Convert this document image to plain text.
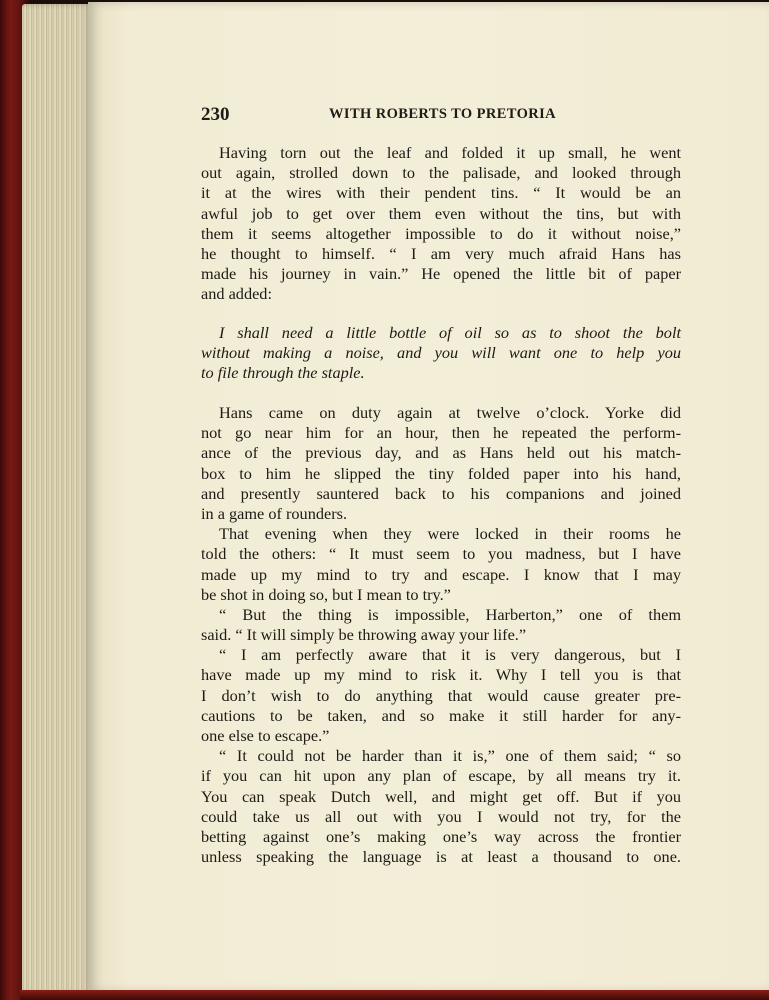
230	WITH ROBERTS TO PRETORIA
Having torn out the leaf and folded it up small, he went
out again, strolled down to the palisade, and looked through
it at the wires with their pendent tins. “ It would be an
awful job to get over them even without the tins, but with
them it seems altogether impossible to do it without noise,”
he thought to himself. “ I am very much afraid Hans has
made his journey in vain.” He opened the little bit of paper
and added:
I shall need a little bottle of oil so as to shoot the bolt
without making a noise, and you will want one to help you
to file through the staple.
Hans came on duty again at twelve o’clock. Yorke did
not go near him for an hour, then he repeated the perform-
ance of the previous day, and as Hans held out his match-
box to him he slipped the tiny folded paper into his hand,
and presently sauntered back to his companions and joined
in a game of rounders.
That evening when they were locked in their rooms he
told the others: “ It must seem to you madness, but I have
made up my mind to try and escape. I know that I may
be shot in doing so, but I mean to try.”
“ But the thing is impossible, Harberton,” one of them
said. “ It will simply be throwing away your life.”
“ I am perfectly aware that it is very dangerous, but I
have made up my mind to risk it. Why I tell you is that
I don’t wish to do anything that would cause greater pre-
cautions to be taken, and so make it still harder for any-
one else to escape.”
“ It could not be harder than it is,” one of them said; “ so
if you can hit upon any plan of escape, by all means try it.
You can speak Dutch well, and might get off. But if you
could take us all out with you I would not try, for the
betting against one’s making one’s way across the frontier
unless speaking the language is at least a thousand to one.
